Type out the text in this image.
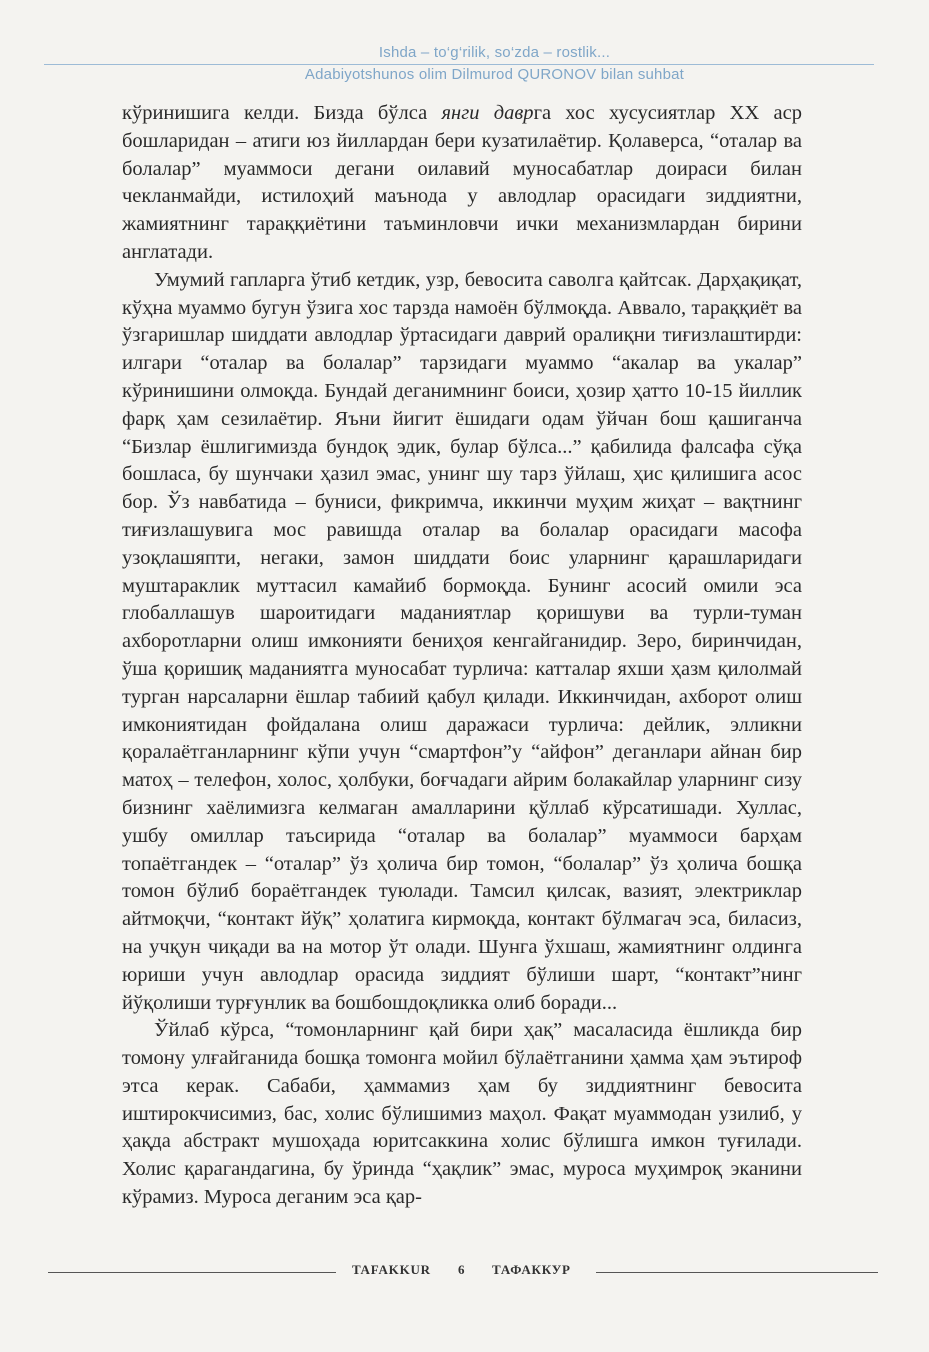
Ishda – to‘g‘rilik, so‘zda – rostlik...
Adabiyotshunos olim Dilmurod QURONOV bilan suhbat

кўринишига келди. Бизда бўлса янги даврга хос хусусиятлар XX аср бошларидан – атиги юз йиллардан бери кузатилаётир. Қолаверса, “оталар ва болалар” муаммоси дегани оилавий муносабатлар доираси билан чекланмайди, истилоҳий маънода у авлодлар орасидаги зиддиятни, жамиятнинг тараққиётини таъминловчи ички механизмлардан бирини англатади.

Умумий гапларга ўтиб кетдик, узр, бевосита саволга қайтсак. Дарҳақиқат, кўҳна муаммо бугун ўзига хос тарзда намоён бўлмоқда. Аввало, тараққиёт ва ўзгаришлар шиддати авлодлар ўртасидаги даврий оралиқни тиғизлаштирди: илгари “оталар ва болалар” тарзидаги муаммо “акалар ва укалар” кўринишини олмоқда. Бундай деганимнинг боиси, ҳозир ҳатто 10-15 йиллик фарқ ҳам сезилаётир. Яъни йигит ёшидаги одам ўйчан бош қашиганча “Бизлар ёшлигимизда бундоқ эдик, булар бўлса...” қабилида фалсафа сўқа бошласа, бу шунчаки ҳазил эмас, унинг шу тарз ўйлаш, ҳис қилишига асос бор. Ўз навбатида – буниси, фикримча, иккинчи муҳим жиҳат – вақтнинг тиғизлашувига мос равишда оталар ва болалар орасидаги масофа узоқлашяпти, негаки, замон шиддати боис уларнинг қарашларидаги муштараклик муттасил камайиб бормоқда. Бунинг асосий омили эса глобаллашув шароитидаги маданиятлар қоришуви ва турли-туман ахборотларни олиш имконияти бениҳоя кенгайганидир. Зеро, биринчидан, ўша қоришиқ маданиятга муносабат турлича: катталар яхши ҳазм қилолмай турган нарсаларни ёшлар табиий қабул қилади. Иккинчидан, ахборот олиш имкониятидан фойдалана олиш даражаси турлича: дейлик, элликни қоралаётганларнинг кўпи учун “смартфон”у “айфон” деганлари айнан бир матоҳ – телефон, холос, ҳолбуки, боғчадаги айрим болакайлар уларнинг сизу бизнинг хаёлимизга келмаган амалларини қўллаб кўрсатишади. Хуллас, ушбу омиллар таъсирида “оталар ва болалар” муаммоси барҳам топаётгандек – “оталар” ўз ҳолича бир томон, “болалар” ўз ҳолича бошқа томон бўлиб бораётгандек туюлади. Тамсил қилсак, вазият, электриклар айтмоқчи, “контакт йўқ” ҳолатига кирмоқда, контакт бўлмагач эса, биласиз, на учқун чиқади ва на мотор ўт олади. Шунга ўхшаш, жамиятнинг олдинга юриши учун авлодлар орасида зиддият бўлиши шарт, “контакт”нинг йўқолиши турғунлик ва бошбошдоқликка олиб боради...

Ўйлаб кўрса, “томонларнинг қай бири ҳақ” масаласида ёшликда бир томону улғайганида бошқа томонга мойил бўлаётганини ҳамма ҳам эътироф этса керак. Сабаби, ҳаммамиз ҳам бу зиддиятнинг бевосита иштирокчисимиз, бас, холис бўлишимиз маҳол. Фақат муаммодан узилиб, у ҳақда абстракт мушоҳада юритсаккина холис бўлишга имкон туғилади. Холис қарагандагина, бу ўринда “ҳақлик” эмас, муроса муҳимроқ эканини кўрамиз. Муроса деганим эса қар-

TAFAKKUR 6 ТАФАККУР
